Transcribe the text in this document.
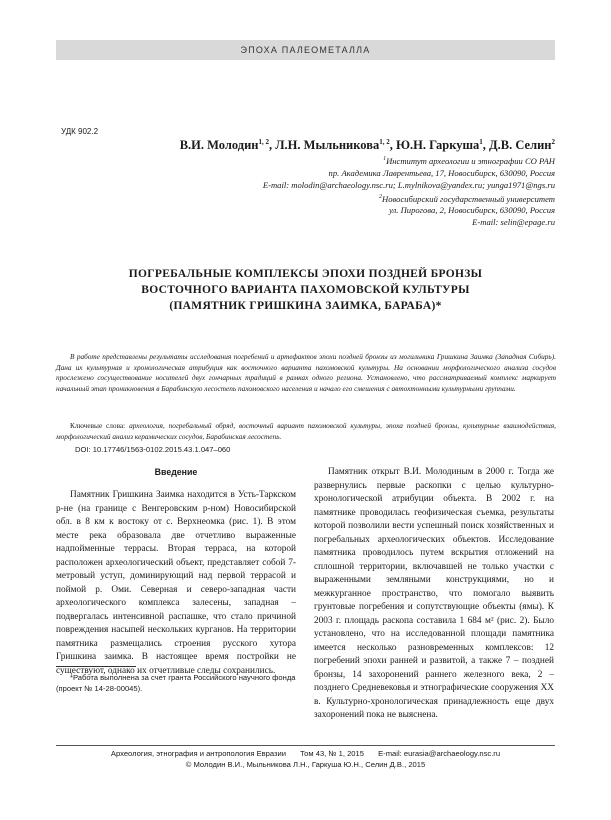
ЭПОХА ПАЛЕОМЕТАЛЛА
УДК 902.2
В.И. Молодин$^{1, 2}$, Л.Н. Мыльникова$^{1, 2}$, Ю.Н. Гаркуша$^1$, Д.В. Селин$^2$
$^1$Институт археологии и этнографии СО РАН
пр. Академика Лаврентьева, 17, Новосибирск, 630090, Россия
E-mail: molodin@archaeology.nsc.ru; L.mylnikova@yandex.ru; yunga1971@ngs.ru
$^2$Новосибирский государственный университет
ул. Пирогова, 2, Новосибирск, 630090, Россия
E-mail: selin@epage.ru
ПОГРЕБАЛЬНЫЕ КОМПЛЕКСЫ ЭПОХИ ПОЗДНЕЙ БРОНЗЫ
ВОСТОЧНОГО ВАРИАНТА ПАХОМОВСКОЙ КУЛЬТУРЫ
(ПАМЯТНИК ГРИШКИНА ЗАИМКА, БАРАБА)*

В работе представлены результаты исследования погребений и артефактов эпохи поздней бронзы из могильника Гришкина Заимка (Западная Сибирь). Дана их культурная и хронологическая атрибуция как восточного варианта пахомовской культуры. На основании морфологического анализа сосудов прослежено сосуществование носителей двух гончарных традиций в рамках одного региона. Установлено, что рассматриваемый комплекс маркирует начальный этап проникновения в Барабинскую лесостепь пахомовского населения и начало его смешения с автохтонными культурными группами.

Ключевые слова: археология, погребальный обряд, восточный вариант пахомовской культуры, эпоха поздней бронзы, культурные взаимодействия, морфологический анализ керамических сосудов, Барабинская лесостепь.

DOI: 10.17746/1563-0102.2015.43.1.047–060
Введение

Памятник Гришкина Заимка находится в Усть-Таркском р-не (на границе с Венгеровским р-ном) Новосибирской обл. в 8 км к востоку от с. Верхнеомка (рис. 1). В этом месте река образовала две отчетливо выраженные надпойменные террасы. Вторая терраса, на которой расположен археологический объект, представляет собой 7-метровый уступ, доминирующий над первой террасой и поймой р. Оми. Северная и северо-западная части археологического комплекса залесены, западная – подвергалась интенсивной распашке, что стало причиной повреждения насыпей нескольких курганов. На территории памятника размещались строения русского хутора Гришкина заимка. В настоящее время постройки не существуют, однако их отчетливые следы сохранились.

Памятник открыт В.И. Молодиным в 2000 г. Тогда же развернулись первые раскопки с целью культурно-хронологической атрибуции объекта. В 2002 г. на памятнике проводилась геофизическая съемка, результаты которой позволили вести успешный поиск хозяйственных и погребальных археологических объектов. Исследование памятника проводилось путем вскрытия отложений на сплошной территории, включавшей не только участки с выраженными земляными конструкциями, но и межкурганное пространство, что помогало выявить грунтовые погребения и сопутствующие объекты (ямы). К 2003 г. площадь раскопа составила 1 684 м² (рис. 2). Было установлено, что на исследованной площади памятника имеется несколько разновременных комплексов: 12 погребений эпохи ранней и развитой, а также 7 – поздней бронзы, 14 захоронений раннего железного века, 2 – позднего Средневековья и этнографические сооружения XX в. Культурно-хронологическая принадлежность еще двух захоронений пока не выяснена.

*Работа выполнена за счет гранта Российского научного фонда (проект № 14-28-00045).

Археология, этнография и антропология Евразии Том 43, № 1, 2015 E-mail: eurasia@archaeology.nsc.ru
© Молодин В.И., Мыльникова Л.Н., Гаркуша Ю.Н., Селин Д.В., 2015
